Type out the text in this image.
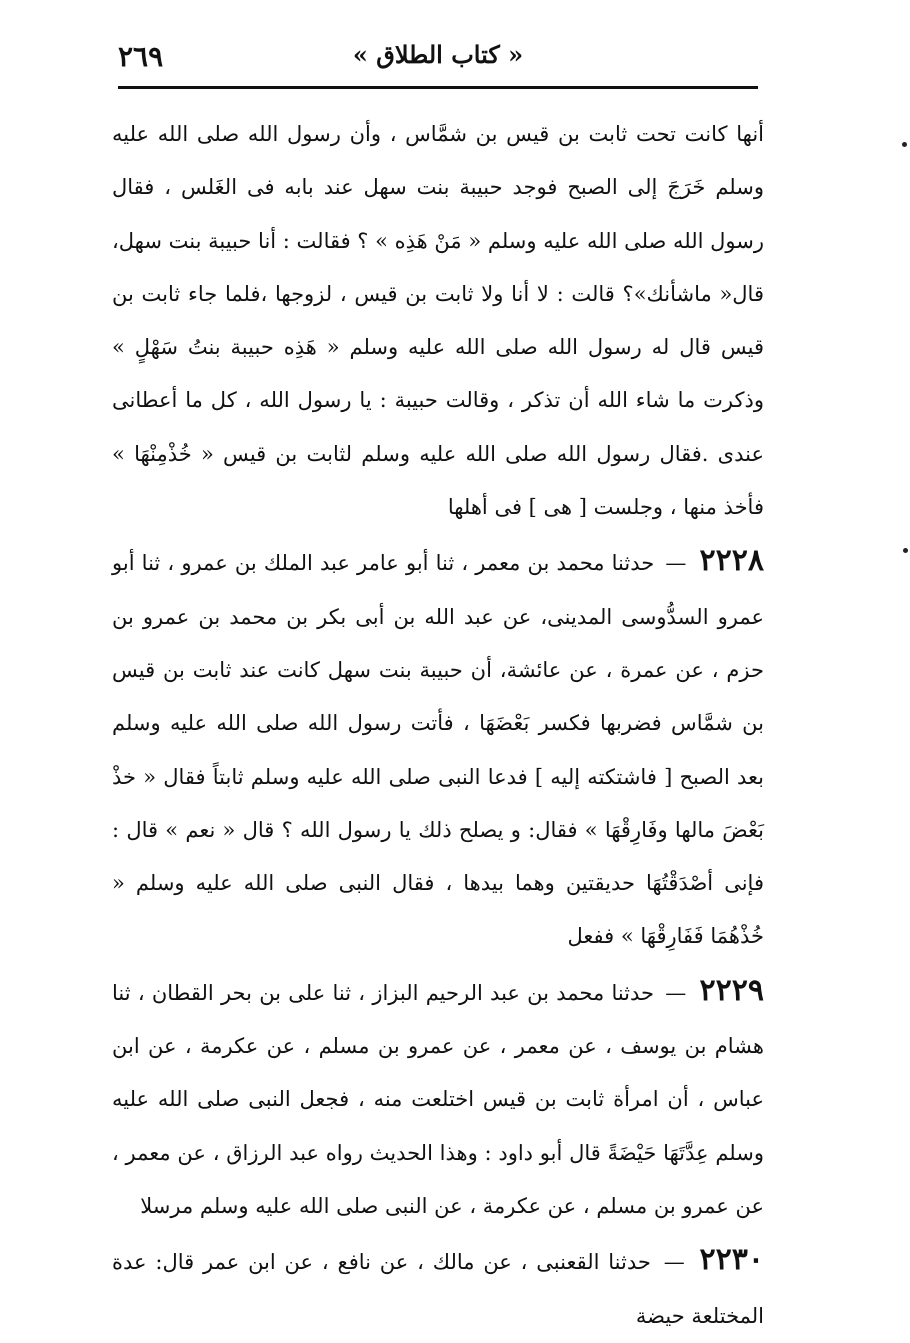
« كتاب الطلاق »
٢٦٩

أنها كانت تحت ثابت بن قيس بن شمَّاس ، وأن رسول الله صلى الله عليه وسلم خَرَجَ إلى الصبح فوجد حبيبة بنت سهل عند بابه فى الغَلس ، فقال رسول الله صلى الله عليه وسلم « مَنْ هَذِه » ؟ فقالت : أنا حبيبة بنت سهل، قال« ماشأنك»؟ قالت : لا أنا ولا ثابت بن قيس ، لزوجها ،فلما جاء ثابت بن قيس قال له رسول الله صلى الله عليه وسلم « هَذِه حبيبة بنتُ سَهْلٍ » وذكرت ما شاء الله أن تذكر ، وقالت حبيبة : يا رسول الله ، كل ما أعطانى عندى .فقال رسول الله صلى الله عليه وسلم لثابت بن قيس « خُذْمِنْهَا » فأخذ منها ، وجلست [ هى ] فى أهلها

٢٢٢٨ — حدثنا محمد بن معمر ، ثنا أبو عامر عبد الملك بن عمرو ، ثنا أبو عمرو السدُّوسى المدينى، عن عبد الله بن أبى بكر بن محمد بن عمرو بن حزم ، عن عمرة ، عن عائشة، أن حبيبة بنت سهل كانت عند ثابت بن قيس بن شمَّاس فضربها فكسر بَعْضَهَا ، فأتت رسول الله صلى الله عليه وسلم بعد الصبح [ فاشتكته إليه ] فدعا النبى صلى الله عليه وسلم ثابتاً فقال « خذْ بَعْضَ مالها وفَارِقْهَا » فقال: و يصلح ذلك يا رسول الله ؟ قال « نعم » قال : فإنى أصْدَقْتُهَا حديقتين وهما بيدها ، فقال النبى صلى الله عليه وسلم « خُذْهُمَا فَفَارِقْهَا » ففعل

٢٢٢٩ — حدثنا محمد بن عبد الرحيم البزاز ، ثنا على بن بحر القطان ، ثنا هشام بن يوسف ، عن معمر ، عن عمرو بن مسلم ، عن عكرمة ، عن ابن عباس ، أن امرأة ثابت بن قيس اختلعت منه ، فجعل النبى صلى الله عليه وسلم عِدَّتَهَا حَيْضَةً قال أبو داود : وهذا الحديث رواه عبد الرزاق ، عن معمر ، عن عمرو بن مسلم ، عن عكرمة ، عن النبى صلى الله عليه وسلم مرسلا

٢٢٣٠ — حدثنا القعنبى ، عن مالك ، عن نافع ، عن ابن عمر قال: عدة المختلعة حيضة
